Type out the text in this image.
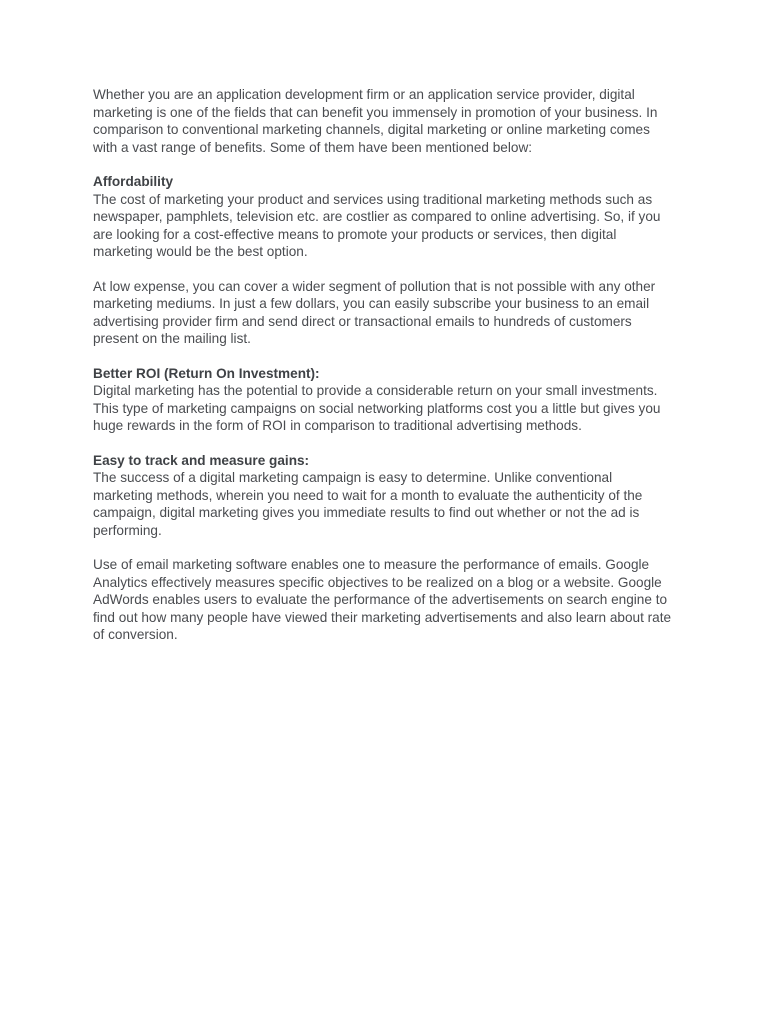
Whether you are an application development firm or an application service provider, digital marketing is one of the fields that can benefit you immensely in promotion of your business. In comparison to conventional marketing channels, digital marketing or online marketing comes with a vast range of benefits. Some of them have been mentioned below:

Affordability
The cost of marketing your product and services using traditional marketing methods such as newspaper, pamphlets, television etc. are costlier as compared to online advertising. So, if you are looking for a cost-effective means to promote your products or services, then digital marketing would be the best option.

At low expense, you can cover a wider segment of pollution that is not possible with any other marketing mediums. In just a few dollars, you can easily subscribe your business to an email advertising provider firm and send direct or transactional emails to hundreds of customers present on the mailing list.

Better ROI (Return On Investment):
Digital marketing has the potential to provide a considerable return on your small investments. This type of marketing campaigns on social networking platforms cost you a little but gives you huge rewards in the form of ROI in comparison to traditional advertising methods.

Easy to track and measure gains:
The success of a digital marketing campaign is easy to determine. Unlike conventional marketing methods, wherein you need to wait for a month to evaluate the authenticity of the campaign, digital marketing gives you immediate results to find out whether or not the ad is performing.

Use of email marketing software enables one to measure the performance of emails. Google Analytics effectively measures specific objectives to be realized on a blog or a website. Google AdWords enables users to evaluate the performance of the advertisements on search engine to find out how many people have viewed their marketing advertisements and also learn about rate of conversion.
